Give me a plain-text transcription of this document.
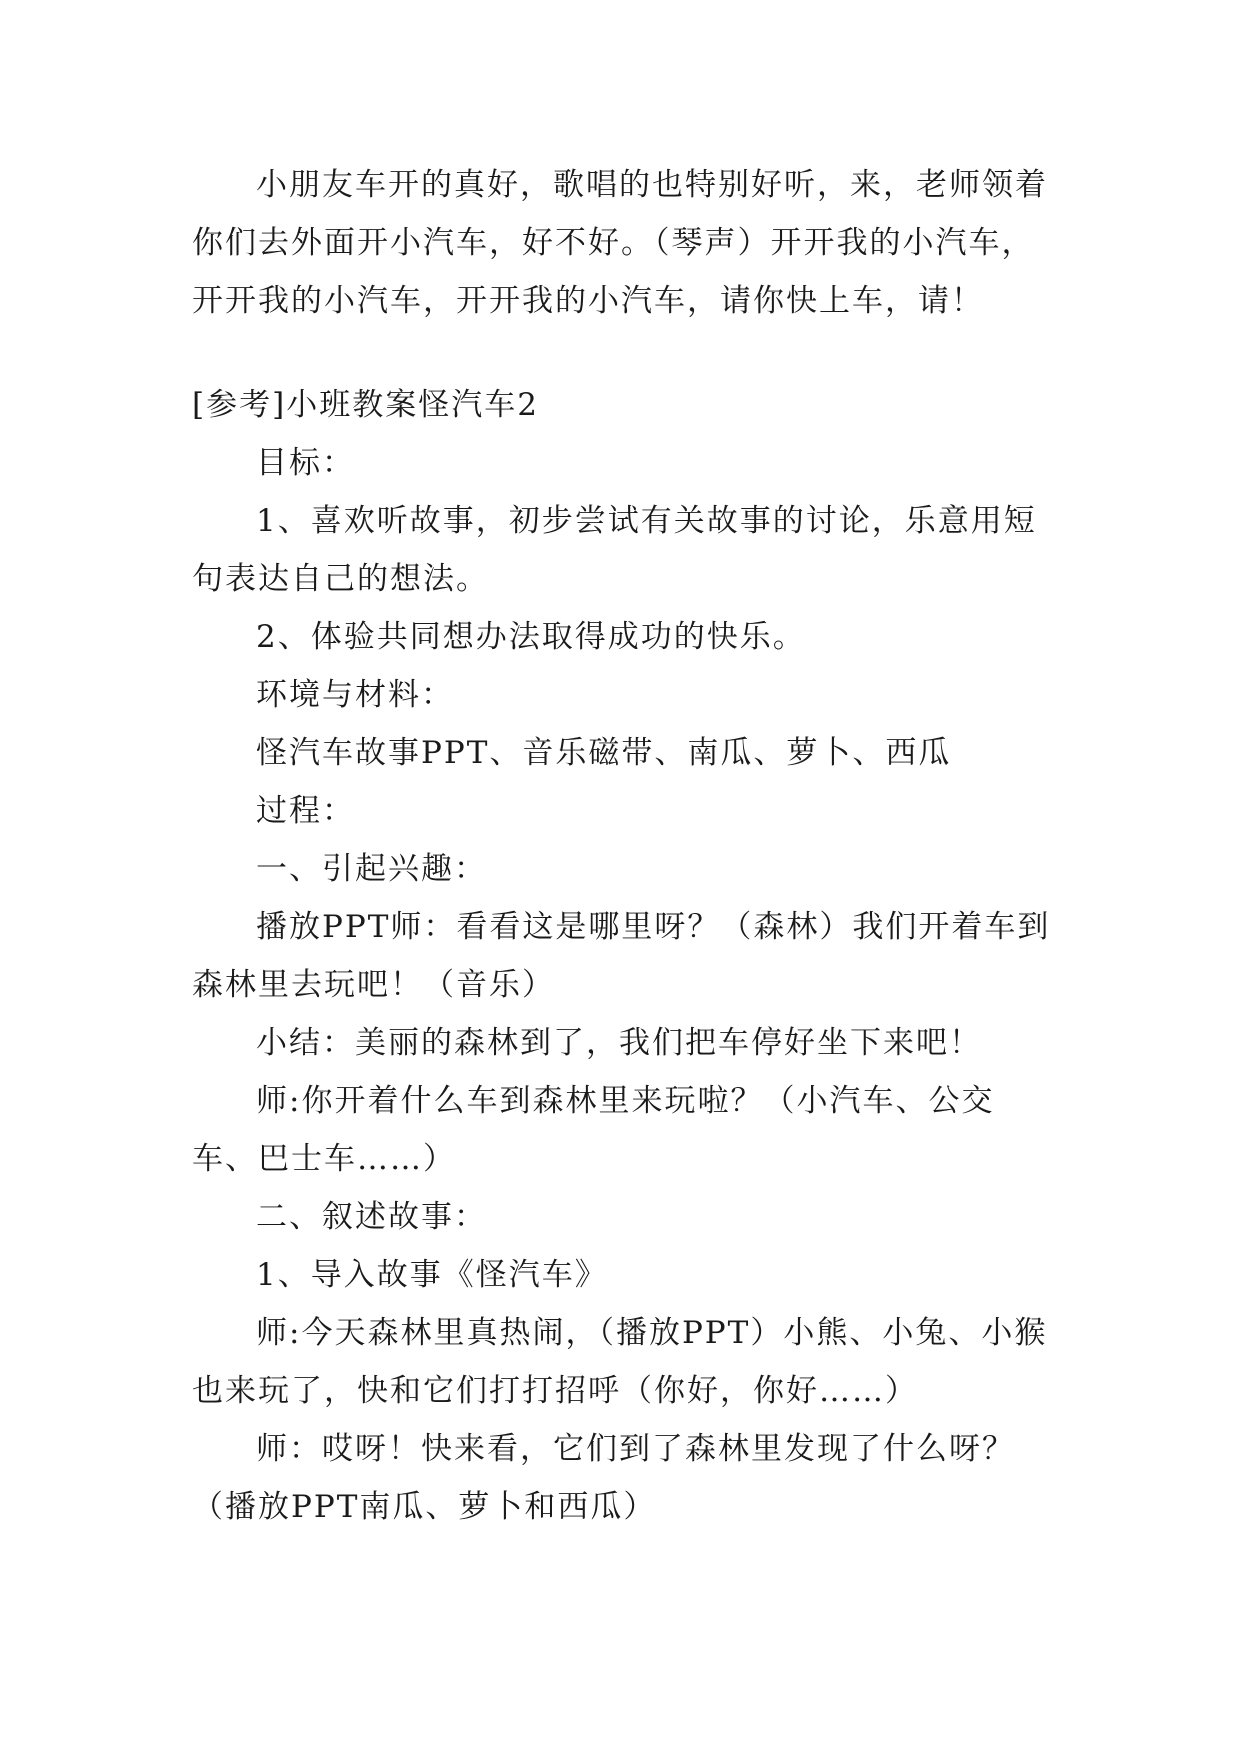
小朋友车开的真好，歌唱的也特别好听，来，老师领着你们去外面开小汽车，好不好。（琴声）开开我的小汽车，开开我的小汽车，开开我的小汽车，请你快上车，请！

[参考]小班教案怪汽车2

目标：

1、喜欢听故事，初步尝试有关故事的讨论，乐意用短句表达自己的想法。

2、体验共同想办法取得成功的快乐。

环境与材料：

怪汽车故事PPT、音乐磁带、南瓜、萝卜、西瓜

过程：

一、引起兴趣：

播放PPT师：看看这是哪里呀？（森林）我们开着车到森林里去玩吧！（音乐）

小结：美丽的森林到了，我们把车停好坐下来吧！

师:你开着什么车到森林里来玩啦？（小汽车、公交车、巴士车……）

二、叙述故事：

1、导入故事《怪汽车》

师:今天森林里真热闹，（播放PPT）小熊、小兔、小猴也来玩了，快和它们打打招呼（你好，你好……）

师：哎呀！快来看，它们到了森林里发现了什么呀？（播放PPT南瓜、萝卜和西瓜）
